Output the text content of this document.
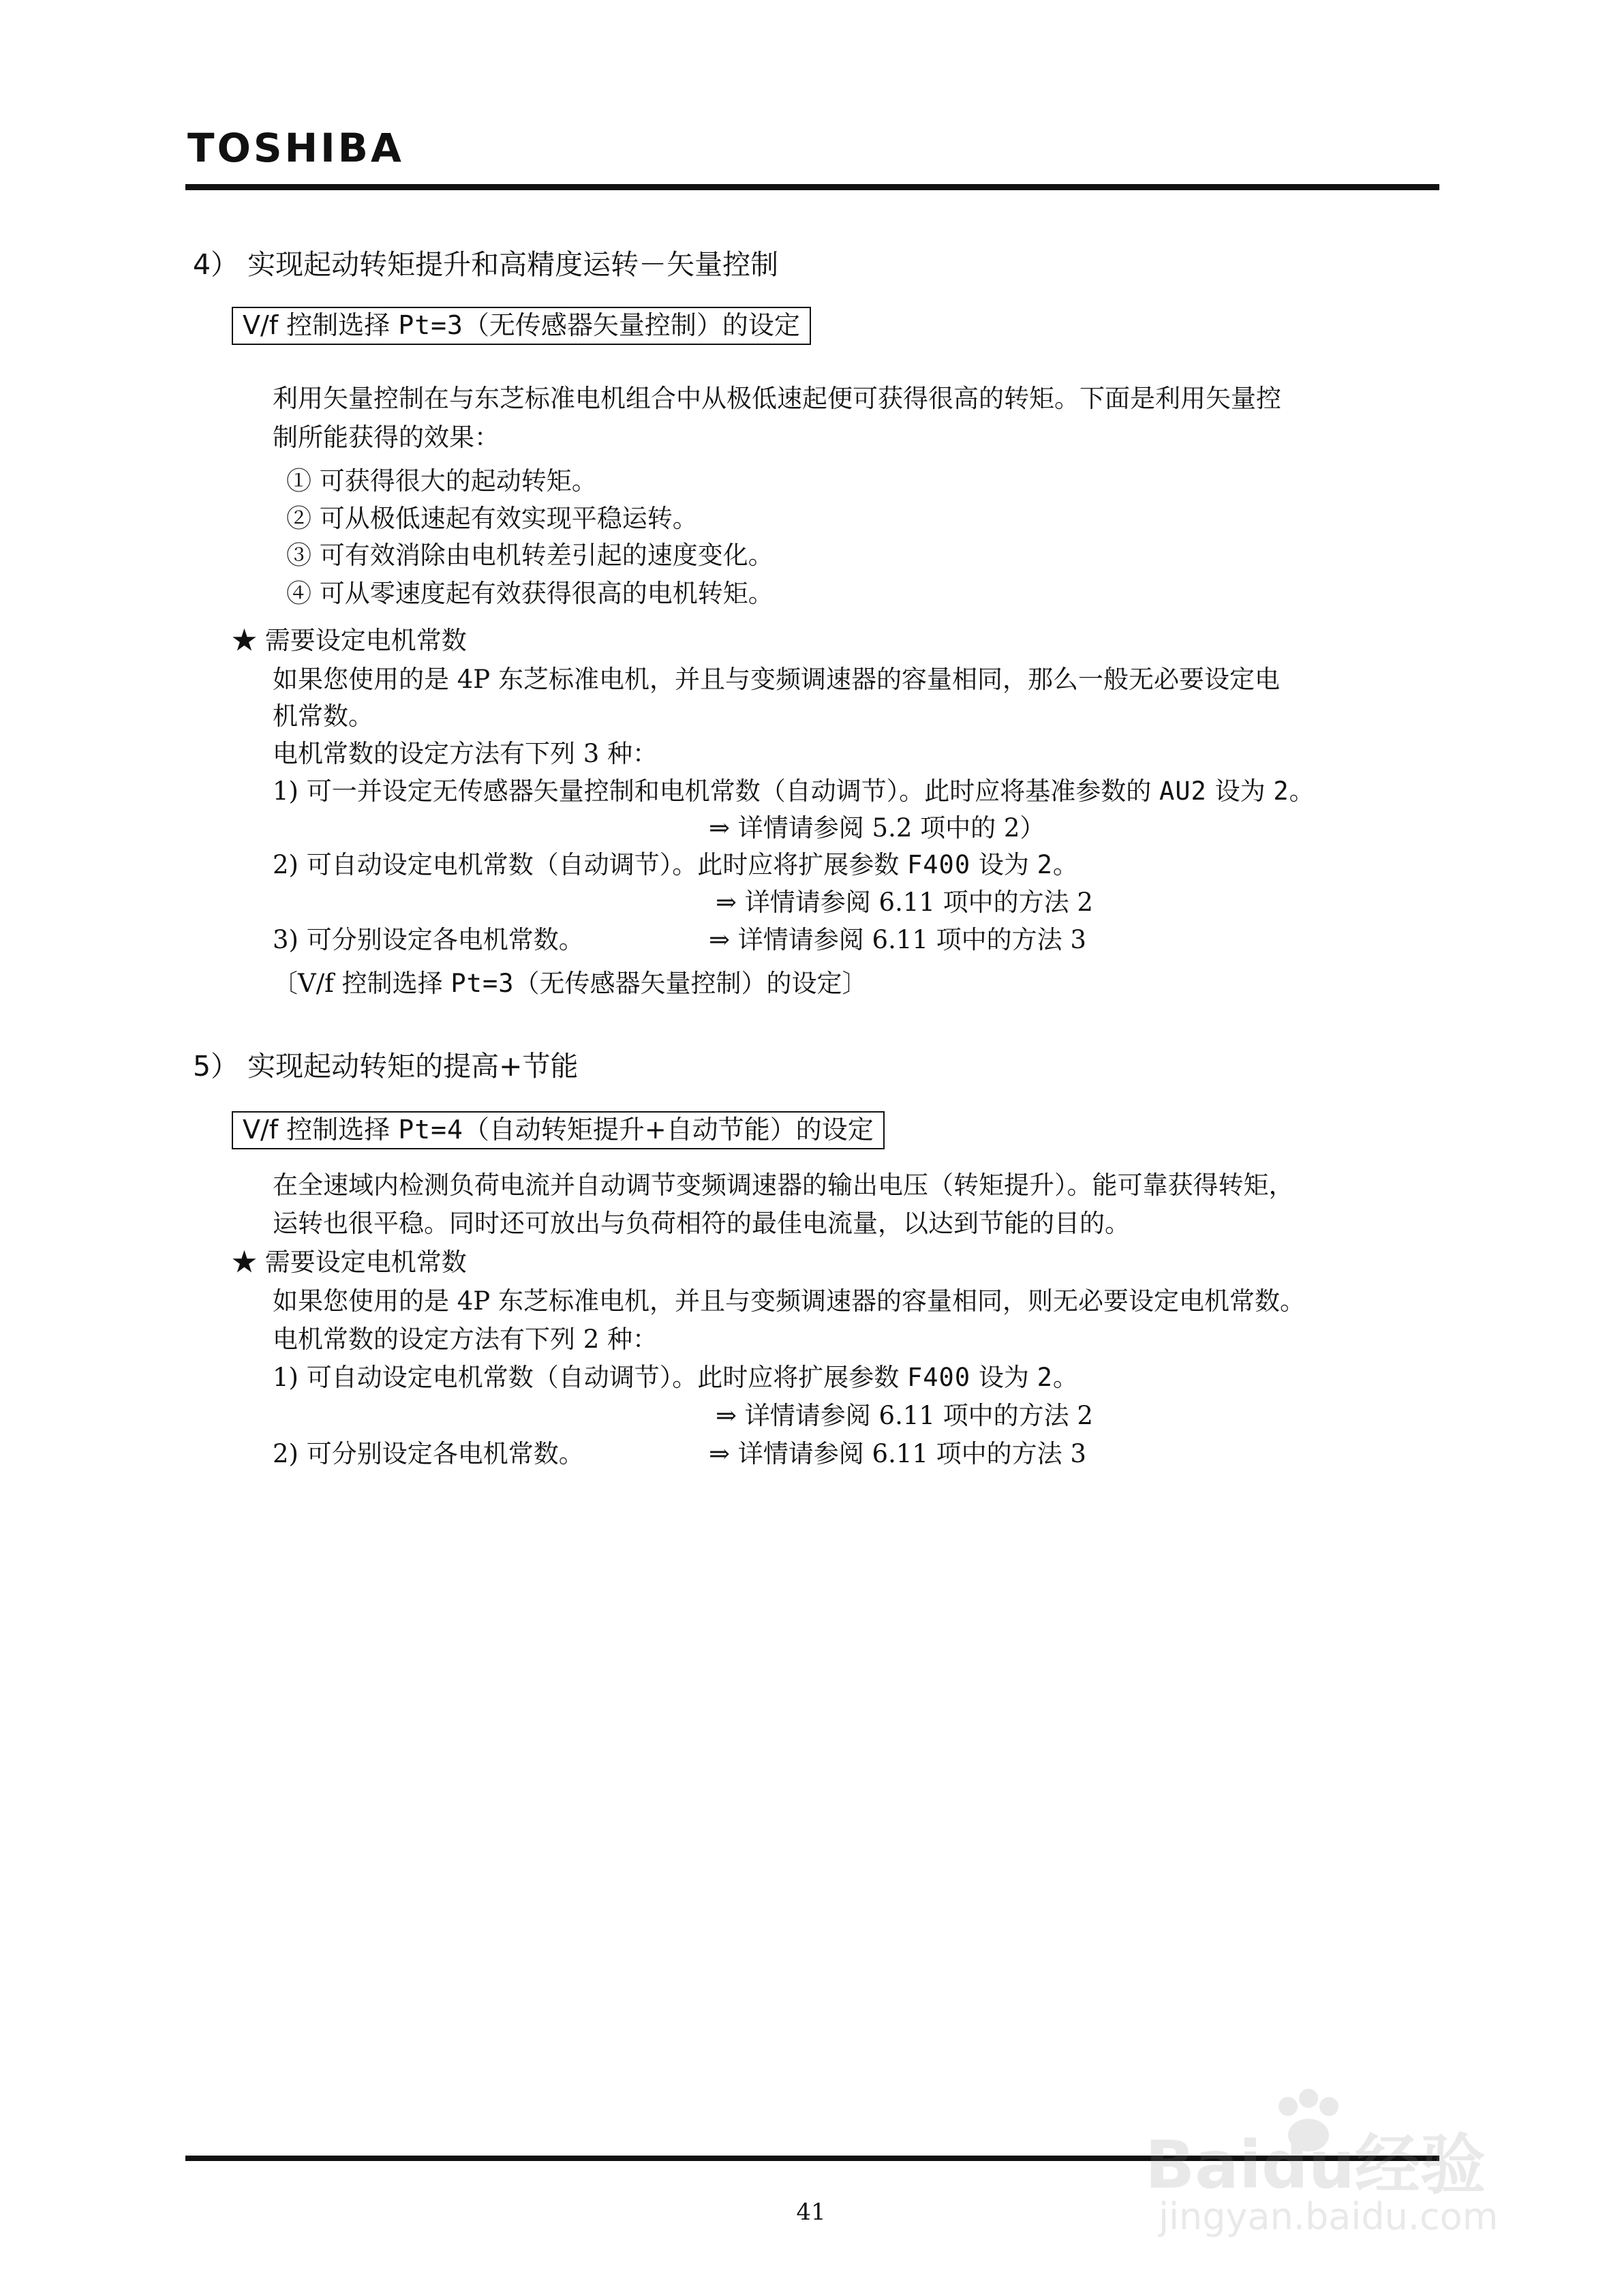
TOSHIBA
4） 实现起动转矩提升和高精度运转－矢量控制
V/f 控制选择 Pt=3（无传感器矢量控制）的设定
利用矢量控制在与东芝标准电机组合中从极低速起便可获得很高的转矩。下面是利用矢量控
制所能获得的效果：
① 可获得很大的起动转矩。
② 可从极低速起有效实现平稳运转。
③ 可有效消除由电机转差引起的速度变化。
④ 可从零速度起有效获得很高的电机转矩。
★ 需要设定电机常数
如果您使用的是 4P 东芝标准电机，并且与变频调速器的容量相同，那么一般无必要设定电
机常数。
电机常数的设定方法有下列 3 种：
1) 可一并设定无传感器矢量控制和电机常数（自动调节）。此时应将基准参数的 AU2 设为 2。
⇒ 详情请参阅 5.2 项中的 2）
2) 可自动设定电机常数（自动调节）。此时应将扩展参数 F400 设为 2。
⇒ 详情请参阅 6.11 项中的方法 2
3) 可分别设定各电机常数。	⇒ 详情请参阅 6.11 项中的方法 3
〔V/f 控制选择 Pt=3（无传感器矢量控制）的设定〕
5） 实现起动转矩的提高+节能
V/f 控制选择 Pt=4（自动转矩提升+自动节能）的设定
在全速域内检测负荷电流并自动调节变频调速器的输出电压（转矩提升）。能可靠获得转矩，
运转也很平稳。同时还可放出与负荷相符的最佳电流量，以达到节能的目的。
★ 需要设定电机常数
如果您使用的是 4P 东芝标准电机，并且与变频调速器的容量相同，则无必要设定电机常数。
电机常数的设定方法有下列 2 种：
1) 可自动设定电机常数（自动调节）。此时应将扩展参数 F400 设为 2。
⇒ 详情请参阅 6.11 项中的方法 2
2) 可分别设定各电机常数。	⇒ 详情请参阅 6.11 项中的方法 3
41
Baidu经验
jingyan.baidu.com
